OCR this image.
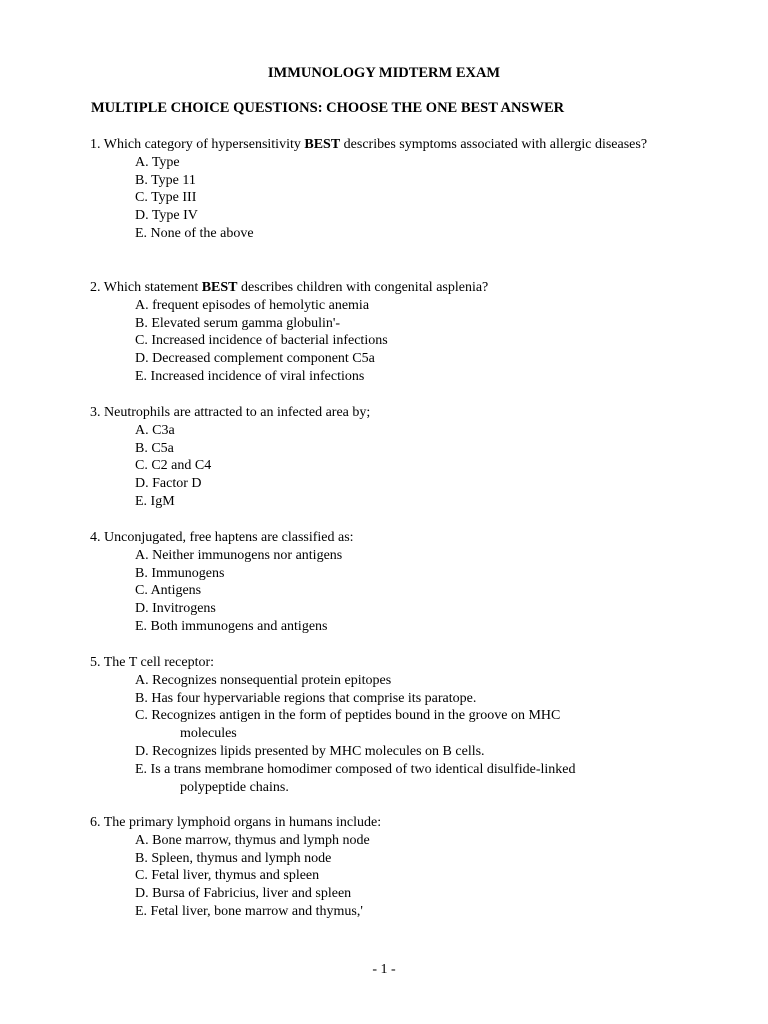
IMMUNOLOGY MIDTERM EXAM
MULTIPLE CHOICE QUESTIONS: CHOOSE THE ONE BEST ANSWER

1. Which category of hypersensitivity BEST describes symptoms associated with allergic diseases?

A. Type
B. Type 11
C. Type III
D. Type IV
E. None of the above

2. Which statement BEST describes children with congenital asplenia?

A. frequent episodes of hemolytic anemia
B. Elevated serum gamma globulin'-
C. Increased incidence of bacterial infections
D. Decreased complement component C5a
E. Increased incidence of viral infections

3. Neutrophils are attracted to an infected area by;

A. C3a
B. C5a
C. C2 and C4
D. Factor D
E. IgM

4. Unconjugated, free haptens are classified as:

A. Neither immunogens nor antigens
B. Immunogens
C. Antigens
D. Invitrogens
E. Both immunogens and antigens

5. The T cell receptor:

A. Recognizes nonsequential protein epitopes
B. Has four hypervariable regions that comprise its paratope.
C. Recognizes antigen in the form of peptides bound in the groove on MHC
molecules
D. Recognizes lipids presented by MHC molecules on B cells.
E. Is a trans membrane homodimer composed of two identical disulfide-linked
polypeptide chains.

6. The primary lymphoid organs in humans include:

A. Bone marrow, thymus and lymph node
B. Spleen, thymus and lymph node
C. Fetal liver, thymus and spleen
D. Bursa of Fabricius, liver and spleen
E. Fetal liver, bone marrow and thymus,'
- 1 -
